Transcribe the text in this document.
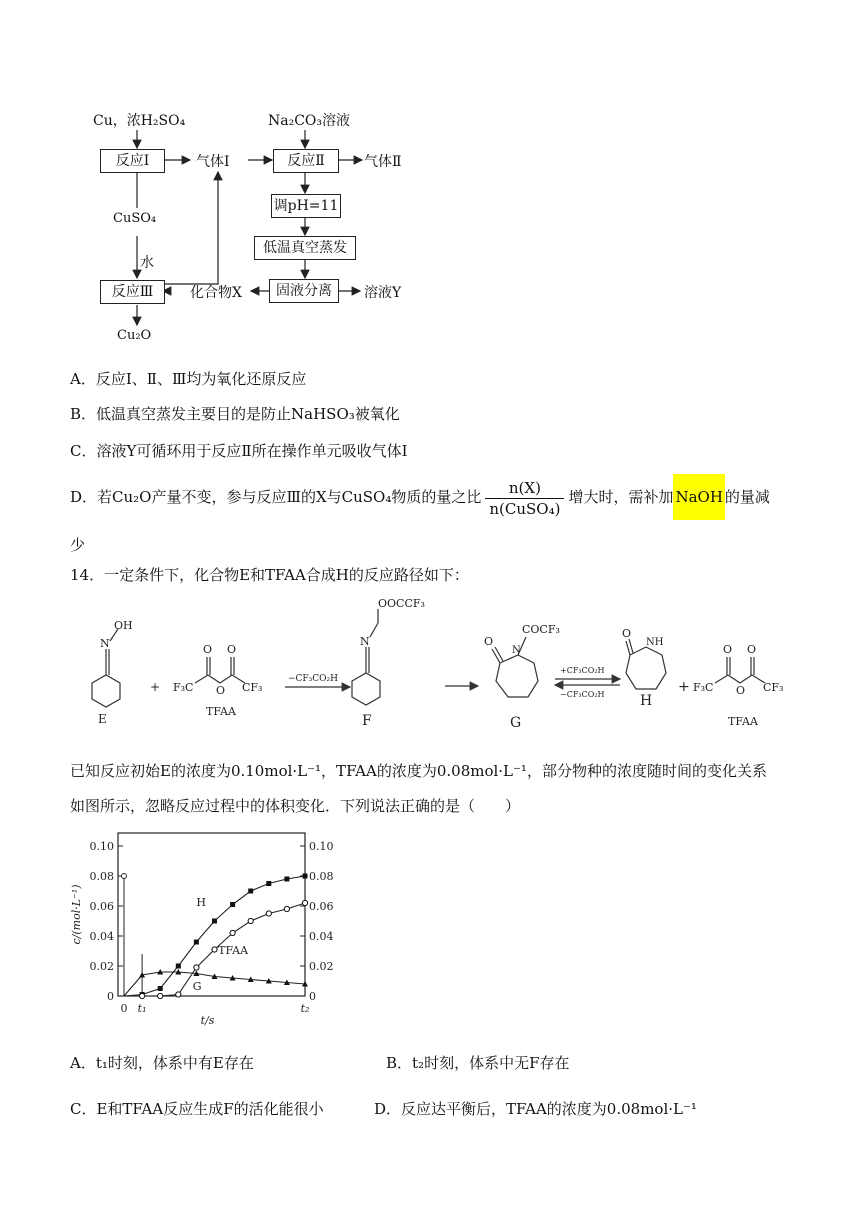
Cu，浓H₂SO₄	Na₂CO₃溶液
反应Ⅰ	气体Ⅰ	反应Ⅱ	气体Ⅱ
调pH=11
低温真空蒸发
固液分离	溶液Y
CuSO₄
水
反应Ⅲ	化合物X
Cu₂O
A．反应Ⅰ、Ⅱ、Ⅲ均为氧化还原反应
B．低温真空蒸发主要目的是防止NaHSO₃被氧化
C．溶液Y可循环用于反应Ⅱ所在操作单元吸收气体Ⅰ
D．若Cu₂O产量不变，参与反应Ⅲ的X与CuSO₄物质的量之比 $\frac{n(X)}{\text{n(CuSO₄)}}$ 增大时，需补加 NaOH 的量减
少
14．一定条件下，化合物E和TFAA合成H的反应路径如下：
N
OH
E
+ F₃C	CF₃
O O
O
TFAA
−CF₃CO₂H
N
OOCCF₃
F
O
COCF₃
N
G
+CF₃CO₂H
−CF₃CO₂H
O
NH
H
+ F₃C	CF₃
O O
O
TFAA
已知反应初始E的浓度为0.10mol·L⁻¹，TFAA的浓度为0.08mol·L⁻¹，部分物种的浓度随时间的变化关系
如图所示，忽略反应过程中的体积变化．下列说法正确的是（　　）
0	0
0.02	0.02
0.04	0.04
0.06	0.06
0.08	0.08
0.10	0.10
0 t₁	t₂
t/s
c/(mol·L⁻¹)	H
TFAA
G
A．t₁时刻，体系中有E存在	B．t₂时刻，体系中无F存在
C．E和TFAA反应生成F的活化能很小	D．反应达平衡后，TFAA的浓度为0.08mol·L⁻¹
